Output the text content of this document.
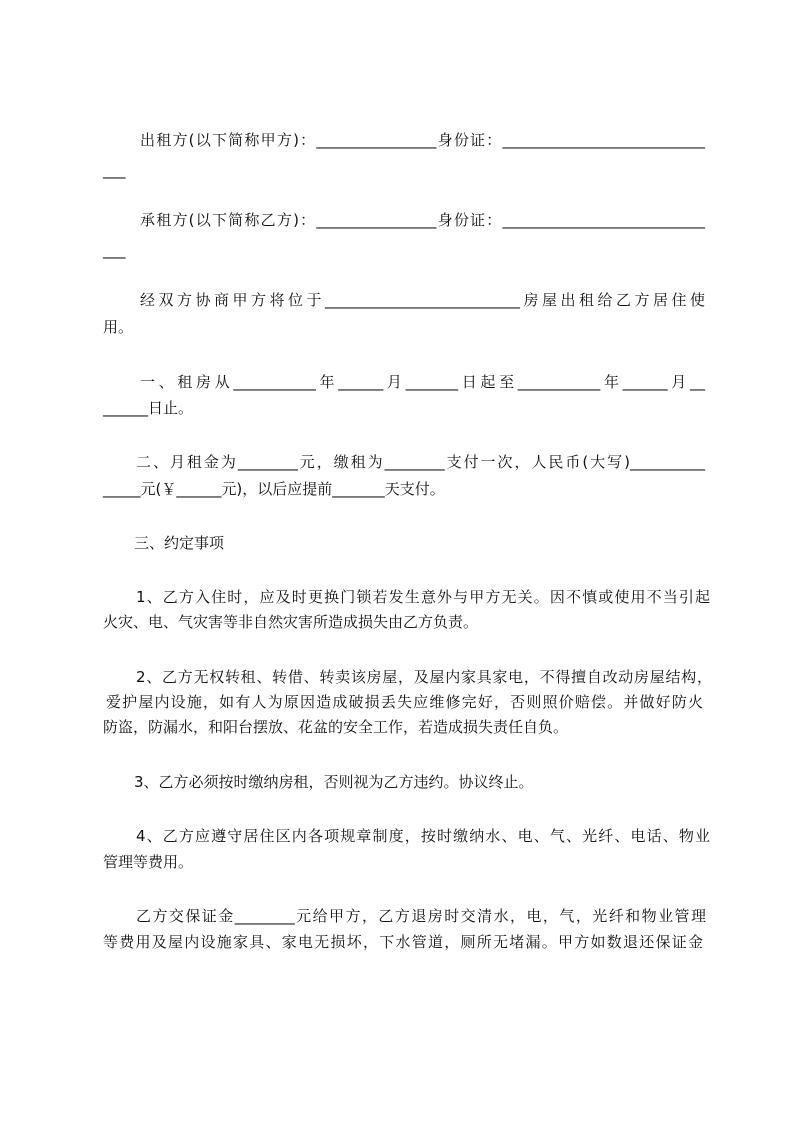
出租方(以下简称甲方)：________________身份证：___________________________
___
承租方(以下简称乙方)：________________身份证：___________________________
___
经双方协商甲方将位于__________________________房屋出租给乙方居住使
用。
一、租房从___________年______月_______日起至___________年______月__
______日止。
二、月租金为________元，缴租为________支付一次，人民币(大写)__________
_____元(￥______元)，以后应提前_______天支付。
三、约定事项
1、乙方入住时，应及时更换门锁若发生意外与甲方无关。因不慎或使用不当引起
火灾、电、气灾害等非自然灾害所造成损失由乙方负责。
2、乙方无权转租、转借、转卖该房屋，及屋内家具家电，不得擅自改动房屋结构，
爱护屋内设施，如有人为原因造成破损丢失应维修完好，否则照价赔偿。并做好防火
防盗，防漏水，和阳台摆放、花盆的安全工作，若造成损失责任自负。
3、乙方必须按时缴纳房租，否则视为乙方违约。协议终止。
4、乙方应遵守居住区内各项规章制度，按时缴纳水、电、气、光纤、电话、物业
管理等费用。
乙方交保证金________元给甲方，乙方退房时交清水，电，气，光纤和物业管理
等费用及屋内设施家具、家电无损坏，下水管道，厕所无堵漏。甲方如数退还保证金
